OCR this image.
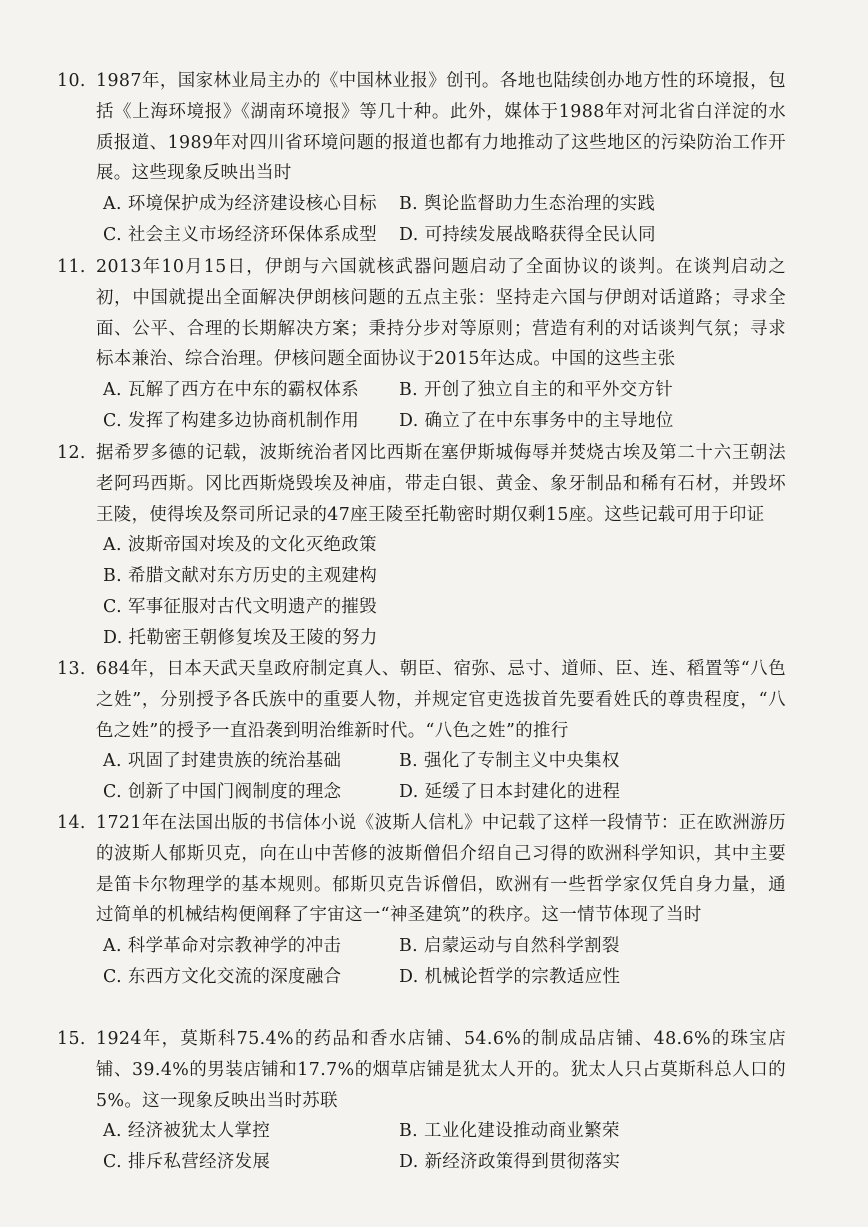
10. 1987年，国家林业局主办的《中国林业报》创刊。各地也陆续创办地方性的环境报，包括《上海环境报》《湖南环境报》等几十种。此外，媒体于1988年对河北省白洋淀的水质报道、1989年对四川省环境问题的报道也都有力地推动了这些地区的污染防治工作开展。这些现象反映出当时
A. 环境保护成为经济建设核心目标	B. 舆论监督助力生态治理的实践
C. 社会主义市场经济环保体系成型	D. 可持续发展战略获得全民认同
11. 2013年10月15日，伊朗与六国就核武器问题启动了全面协议的谈判。在谈判启动之初，中国就提出全面解决伊朗核问题的五点主张：坚持走六国与伊朗对话道路；寻求全面、公平、合理的长期解决方案；秉持分步对等原则；营造有利的对话谈判气氛；寻求标本兼治、综合治理。伊核问题全面协议于2015年达成。中国的这些主张
A. 瓦解了西方在中东的霸权体系	B. 开创了独立自主的和平外交方针
C. 发挥了构建多边协商机制作用	D. 确立了在中东事务中的主导地位
12. 据希罗多德的记载，波斯统治者冈比西斯在塞伊斯城侮辱并焚烧古埃及第二十六王朝法老阿玛西斯。冈比西斯烧毁埃及神庙，带走白银、黄金、象牙制品和稀有石材，并毁坏王陵，使得埃及祭司所记录的47座王陵至托勒密时期仅剩15座。这些记载可用于印证
A. 波斯帝国对埃及的文化灭绝政策
B. 希腊文献对东方历史的主观建构
C. 军事征服对古代文明遗产的摧毁
D. 托勒密王朝修复埃及王陵的努力
13. 684年，日本天武天皇政府制定真人、朝臣、宿弥、忌寸、道师、臣、连、稻置等“八色之姓”，分别授予各氏族中的重要人物，并规定官吏选拔首先要看姓氏的尊贵程度，“八色之姓”的授予一直沿袭到明治维新时代。“八色之姓”的推行
A. 巩固了封建贵族的统治基础	B. 强化了专制主义中央集权
C. 创新了中国门阀制度的理念	D. 延缓了日本封建化的进程
14. 1721年在法国出版的书信体小说《波斯人信札》中记载了这样一段情节：正在欧洲游历的波斯人郁斯贝克，向在山中苦修的波斯僧侣介绍自己习得的欧洲科学知识，其中主要是笛卡尔物理学的基本规则。郁斯贝克告诉僧侣，欧洲有一些哲学家仅凭自身力量，通过简单的机械结构便阐释了宇宙这一“神圣建筑”的秩序。这一情节体现了当时
A. 科学革命对宗教神学的冲击	B. 启蒙运动与自然科学割裂
C. 东西方文化交流的深度融合	D. 机械论哲学的宗教适应性
15. 1924年，莫斯科75.4%的药品和香水店铺、54.6%的制成品店铺、48.6%的珠宝店铺、39.4%的男装店铺和17.7%的烟草店铺是犹太人开的。犹太人只占莫斯科总人口的5%。这一现象反映出当时苏联
A. 经济被犹太人掌控	B. 工业化建设推动商业繁荣
C. 排斥私营经济发展	D. 新经济政策得到贯彻落实
